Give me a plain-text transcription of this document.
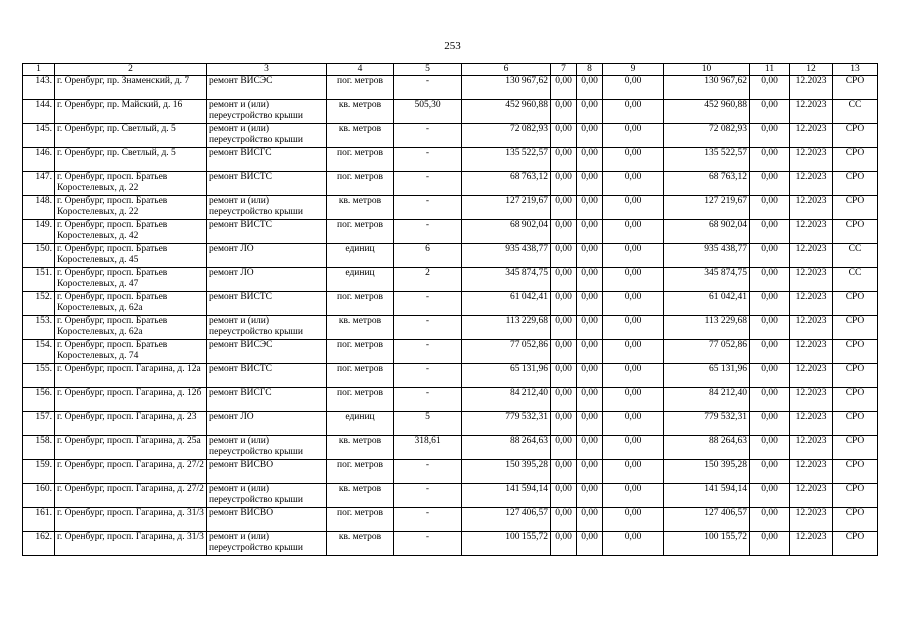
253
1	2	3	4	5	6	7	8	9	10	11	12	13
143.	г. Оренбург, пр. Знаменский, д. 7	ремонт ВИСЭС	пог. метров	-	130 967,62	0,00	0,00	0,00	130 967,62	0,00	12.2023	СРО
144.	г. Оренбург, пр. Майский, д. 16	ремонт и (или) переустройство крыши	кв. метров	505,30	452 960,88	0,00	0,00	0,00	452 960,88	0,00	12.2023	СС
145.	г. Оренбург, пр. Светлый, д. 5	ремонт и (или) переустройство крыши	кв. метров	-	72 082,93	0,00	0,00	0,00	72 082,93	0,00	12.2023	СРО
146.	г. Оренбург, пр. Светлый, д. 5	ремонт ВИСГС	пог. метров	-	135 522,57	0,00	0,00	0,00	135 522,57	0,00	12.2023	СРО
147.	г. Оренбург, просп. Братьев Коростелевых, д. 22	ремонт ВИСТС	пог. метров	-	68 763,12	0,00	0,00	0,00	68 763,12	0,00	12.2023	СРО
148.	г. Оренбург, просп. Братьев Коростелевых, д. 22	ремонт и (или) переустройство крыши	кв. метров	-	127 219,67	0,00	0,00	0,00	127 219,67	0,00	12.2023	СРО
149.	г. Оренбург, просп. Братьев Коростелевых, д. 42	ремонт ВИСТС	пог. метров	-	68 902,04	0,00	0,00	0,00	68 902,04	0,00	12.2023	СРО
150.	г. Оренбург, просп. Братьев Коростелевых, д. 45	ремонт ЛО	единиц	6	935 438,77	0,00	0,00	0,00	935 438,77	0,00	12.2023	СС
151.	г. Оренбург, просп. Братьев Коростелевых, д. 47	ремонт ЛО	единиц	2	345 874,75	0,00	0,00	0,00	345 874,75	0,00	12.2023	СС
152.	г. Оренбург, просп. Братьев Коростелевых, д. 62а	ремонт ВИСТС	пог. метров	-	61 042,41	0,00	0,00	0,00	61 042,41	0,00	12.2023	СРО
153.	г. Оренбург, просп. Братьев Коростелевых, д. 62а	ремонт и (или) переустройство крыши	кв. метров	-	113 229,68	0,00	0,00	0,00	113 229,68	0,00	12.2023	СРО
154.	г. Оренбург, просп. Братьев Коростелевых, д. 74	ремонт ВИСЭС	пог. метров	-	77 052,86	0,00	0,00	0,00	77 052,86	0,00	12.2023	СРО
155.	г. Оренбург, просп. Гагарина, д. 12а	ремонт ВИСТС	пог. метров	-	65 131,96	0,00	0,00	0,00	65 131,96	0,00	12.2023	СРО
156.	г. Оренбург, просп. Гагарина, д. 12б	ремонт ВИСГС	пог. метров	-	84 212,40	0,00	0,00	0,00	84 212,40	0,00	12.2023	СРО
157.	г. Оренбург, просп. Гагарина, д. 23	ремонт ЛО	единиц	5	779 532,31	0,00	0,00	0,00	779 532,31	0,00	12.2023	СРО
158.	г. Оренбург, просп. Гагарина, д. 25а	ремонт и (или) переустройство крыши	кв. метров	318,61	88 264,63	0,00	0,00	0,00	88 264,63	0,00	12.2023	СРО
159.	г. Оренбург, просп. Гагарина, д. 27/2	ремонт ВИСВО	пог. метров	-	150 395,28	0,00	0,00	0,00	150 395,28	0,00	12.2023	СРО
160.	г. Оренбург, просп. Гагарина, д. 27/2	ремонт и (или) переустройство крыши	кв. метров	-	141 594,14	0,00	0,00	0,00	141 594,14	0,00	12.2023	СРО
161.	г. Оренбург, просп. Гагарина, д. 31/3	ремонт ВИСВО	пог. метров	-	127 406,57	0,00	0,00	0,00	127 406,57	0,00	12.2023	СРО
162.	г. Оренбург, просп. Гагарина, д. 31/3	ремонт и (или) переустройство крыши	кв. метров	-	100 155,72	0,00	0,00	0,00	100 155,72	0,00	12.2023	СРО
